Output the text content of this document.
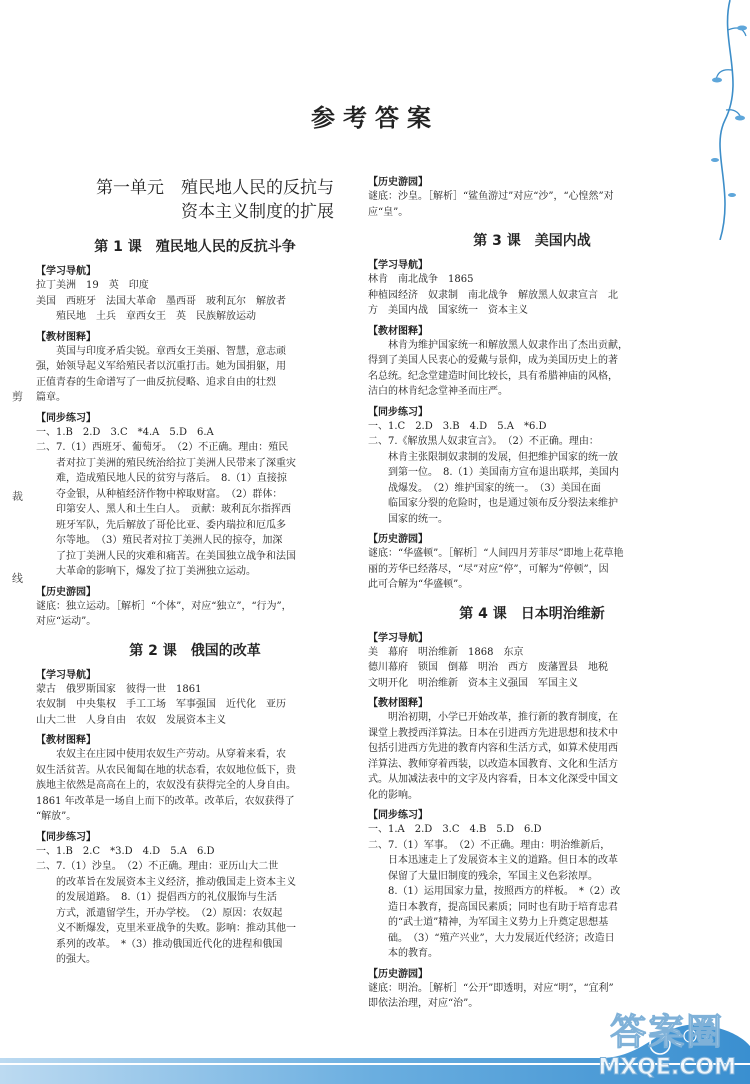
参考答案
剪
裁
线
第一单元　殖民地人民的反抗与
资本主义制度的扩展
第 1 课　殖民地人民的反抗斗争
【学习导航】
拉丁美洲　19　英　印度
美国　西班牙　法国大革命　墨西哥　玻利瓦尔　解放者
　　殖民地　土兵　章西女王　英　民族解放运动
【教材图释】
　　英国与印度矛盾尖锐。章西女王美丽、智慧，意志顽
强，始领导起义军给殖民者以沉重打击。她为国捐躯，用
正值青春的生命谱写了一曲反抗侵略、追求自由的壮烈
篇章。
【同步练习】
一、1.B　2.D　3.C　*4.A　5.D　6.A
二、7.（1）西班牙、葡萄牙。　（2）不正确。理由：殖民
　　者对拉丁美洲的殖民统治给拉丁美洲人民带来了深重灾
　　难，造成殖民地人民的贫穷与落后。　8.（1）直接掠
　　夺金银，从种植经济作物中榨取财富。　（2）群体：
　　印第安人、黑人和土生白人。　贡献：玻利瓦尔指挥西
　　班牙军队，先后解放了哥伦比亚、委内瑞拉和厄瓜多
　　尔等地。　（3）殖民者对拉丁美洲人民的掠夺，加深
　　了拉丁美洲人民的灾难和痛苦。在美国独立战争和法国
　　大革命的影响下，爆发了拉丁美洲独立运动。
【历史游园】
谜底：独立运动。［解析］“个体”，对应“独立”，“行为”，
对应“运动”。
第 2 课　俄国的改革
【学习导航】
蒙古　俄罗斯国家　彼得一世　1861
农奴制　中央集权　手工工场　军事强国　近代化　亚历
山大二世　人身自由　农奴　发展资本主义
【教材图释】
　　农奴主在庄园中使用农奴生产劳动。从穿着来看，农
奴生活贫苦。从农民匍匐在地的状态看，农奴地位低下，贵
族地主依然是高高在上的，农奴没有获得完全的人身自由。
1861 年改革是一场自上而下的改革。改革后，农奴获得了
“解放”。
【同步练习】
一、1.B　2.C　*3.D　4.D　5.A　6.D
二、7.（1）沙皇。　（2）不正确。理由：亚历山大二世
　　的改革旨在发展资本主义经济，推动俄国走上资本主义
　　的发展道路。　8.（1）提倡西方的礼仪服饰与生活
　　方式，派遣留学生，开办学校。　（2）原因：农奴起
　　义不断爆发，克里米亚战争的失败。影响：推动其他一
　　系列的改革。　*（3）推动俄国近代化的进程和俄国
　　的强大。
【历史游园】
谜底：沙皇。［解析］“鲨鱼游过”对应“沙”，“心惶然”对
应“皇”。
第 3 课　美国内战
【学习导航】
林肯　南北战争　1865
种植园经济　奴隶制　南北战争　解放黑人奴隶宣言　北
方　美国内战　国家统一　资本主义
【教材图释】
　　林肯为维护国家统一和解放黑人奴隶作出了杰出贡献，
得到了美国人民衷心的爱戴与景仰，成为美国历史上的著
名总统。纪念堂建造时间比较长，具有希腊神庙的风格，
洁白的林肯纪念堂神圣而庄严。
【同步练习】
一、1.C　2.D　3.B　4.D　5.A　*6.D
二、7.《解放黑人奴隶宣言》。　（2）不正确。理由：
　　林肯主张限制奴隶制的发展，但把维护国家的统一放
　　到第一位。　8.（1）美国南方宣布退出联邦，美国内
　　战爆发。　（2）维护国家的统一。　（3）美国在面
　　临国家分裂的危险时，也是通过领布反分裂法来维护
　　国家的统一。
【历史游园】
谜底：“华盛顿”。［解析］“人间四月芳菲尽”即地上花草艳
丽的芳华已经落尽，“尽”对应“停”，可解为“停顿”，因
此可合解为“华盛顿”。
第 4 课　日本明治维新
【学习导航】
美　幕府　明治维新　1868　东京
德川幕府　锁国　倒幕　明治　西方　废藩置县　地税
文明开化　明治维新　资本主义强国　军国主义
【教材图释】
　　明治初期，小学已开始改革，推行新的教育制度，在
课堂上教授西洋算法。日本在引进西方先进思想和技术中
包括引进西方先进的教育内容和生活方式，如算术使用西
洋算法、教师穿着西装，以改造本国教育、文化和生活方
式。从加减法表中的文字及内容看，日本文化深受中国文
化的影响。
【同步练习】
一、1.A　2.D　3.C　4.B　5.D　6.D
二、7.（1）军事。　（2）不正确。理由：明治维新后，
　　日本迅速走上了发展资本主义的道路。但日本的改革
　　保留了大量旧制度的残余，军国主义色彩浓厚。
　　8.（1）运用国家力量，按照西方的样板。　*（2）改
　　造日本教育，提高国民素质；同时也有助于培育忠君
　　的“武士道”精神，为军国主义势力上升奠定思想基
　　础。　（3）“殖产兴业”，大力发展近代经济；改造日
　　本的教育。
【历史游园】
谜底：明治。［解析］“公开”即透明，对应“明”，“宜利”
即依法治理，对应“治”。
答案圈
MXQE.COM
